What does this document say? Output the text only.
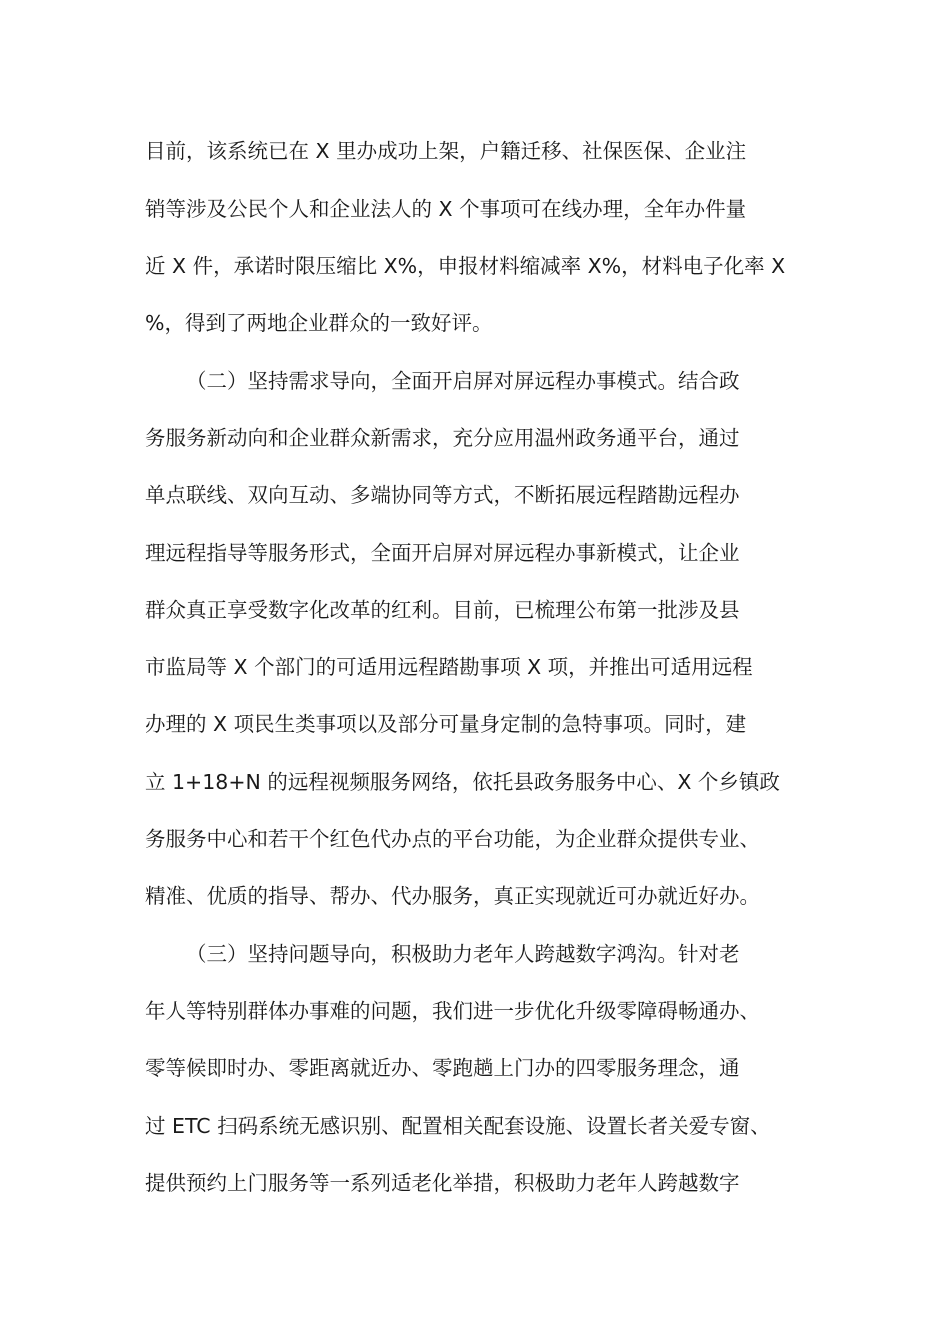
目前，该系统已在 X 里办成功上架，户籍迁移、社保医保、企业注
销等涉及公民个人和企业法人的 X 个事项可在线办理，全年办件量
近 X 件，承诺时限压缩比 X%，申报材料缩减率 X%，材料电子化率 X
%，得到了两地企业群众的一致好评。
（二）坚持需求导向，全面开启屏对屏远程办事模式。结合政
务服务新动向和企业群众新需求，充分应用温州政务通平台，通过
单点联线、双向互动、多端协同等方式，不断拓展远程踏勘远程办
理远程指导等服务形式，全面开启屏对屏远程办事新模式，让企业
群众真正享受数字化改革的红利。目前，已梳理公布第一批涉及县
市监局等 X 个部门的可适用远程踏勘事项 X 项，并推出可适用远程
办理的 X 项民生类事项以及部分可量身定制的急特事项。同时，建
立 1+18+N 的远程视频服务网络，依托县政务服务中心、X 个乡镇政
务服务中心和若干个红色代办点的平台功能，为企业群众提供专业、
精准、优质的指导、帮办、代办服务，真正实现就近可办就近好办。
（三）坚持问题导向，积极助力老年人跨越数字鸿沟。针对老
年人等特别群体办事难的问题，我们进一步优化升级零障碍畅通办、
零等候即时办、零距离就近办、零跑趟上门办的四零服务理念，通
过 ETC 扫码系统无感识别、配置相关配套设施、设置长者关爱专窗、
提供预约上门服务等一系列适老化举措，积极助力老年人跨越数字
